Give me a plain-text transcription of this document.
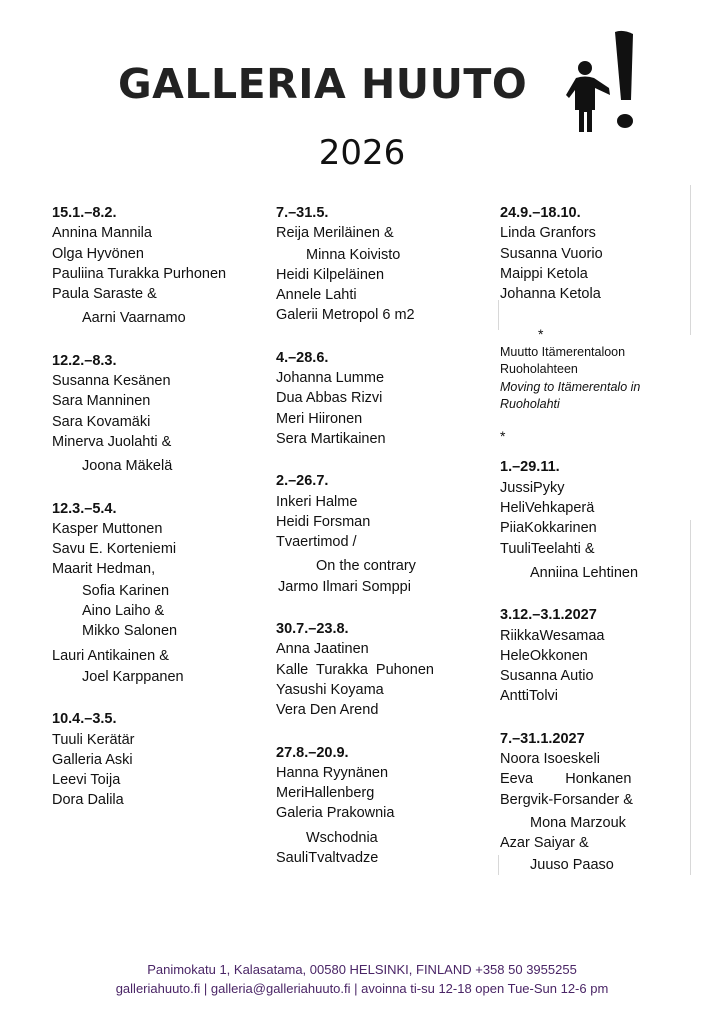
GALLERIA HUUTO
2026
15.1.–8.2.
Annina Mannila
Olga Hyvönen
Pauliina Turakka Purhonen
Paula Saraste &
Aarni Vaarnamo
12.2.–8.3.
Susanna Kesänen
Sara Manninen
Sara Kovamäki
Minerva Juolahti &
Joona Mäkelä
12.3.–5.4.
Kasper Muttonen
Savu E. Korteniemi
Maarit Hedman,
Sofia Karinen
Aino Laiho &
Mikko Salonen
Lauri Antikainen &
Joel Karppanen
10.4.–3.5.
Tuuli Kerätär
Galleria Aski
Leevi Toija
Dora Dalila
7.–31.5.
Reija Meriläinen &
Minna Koivisto
Heidi Kilpeläinen
Annele Lahti
Galerii Metropol 6 m2
4.–28.6.
Johanna Lumme
Dua Abbas Rizvi
Meri Hiironen
Sera Martikainen
2.–26.7.
Inkeri Halme
Heidi Forsman
Tvaertimod /
On the contrary
Jarmo Ilmari Somppi
30.7.–23.8.
Anna Jaatinen
Kalle  Turakka  Puhonen
Yasushi Koyama
Vera Den Arend
27.8.–20.9.
Hanna Ryynänen
MeriHallenberg
Galeria Prakownia
Wschodnia
SauliTvaltvadze
24.9.–18.10.
Linda Granfors
Susanna Vuorio
Maippi Ketola
Johanna Ketola
*
Muutto Itämerentaloon Ruoholahteen
Moving to Itämerentalo in Ruoholahti
*
1.–29.11.
JussiPyky
HeliVehkaperä
PiiaKokkarinen
TuuliTeelahti &
Anniina Lehtinen
3.12.–3.1.2027
RiikkaWesamaa
HeleOkkonen
Susanna Autio
AnttiTolvi
7.–31.1.2027
Noora Isoeskeli
Eeva        Honkanen
Bergvik-Forsander &
Mona Marzouk
Azar Saiyar &
Juuso Paaso
Panimokatu 1, Kalasatama, 00580 HELSINKI, FINLAND +358 50 3955255
galleriahuuto.fi | galleria@galleriahuuto.fi | avoinna ti-su 12-18 open Tue-Sun 12-6 pm
